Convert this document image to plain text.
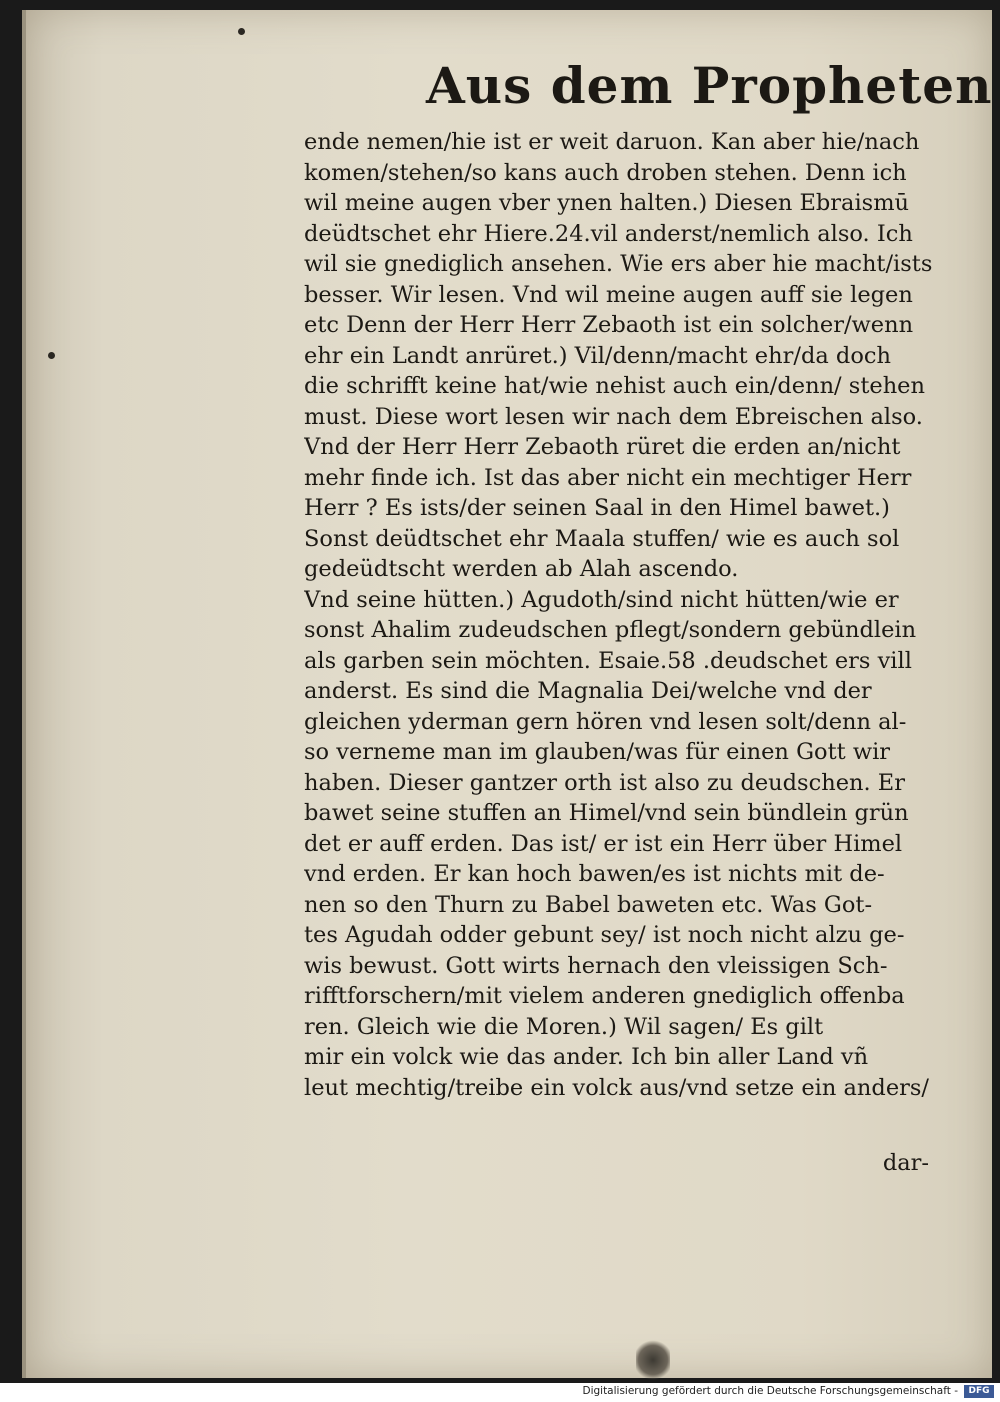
Aus dem Propheten
ende nemen/hie ist er weit daruon. Kan aber hie/nach
komen/stehen/so kans auch droben stehen. Denn ich
wil meine augen vber ynen halten.) Diesen Ebraismū
deüdtschet ehr Hiere.24.vil anderst/nemlich also. Ich
wil sie gnediglich ansehen. Wie ers aber hie macht/ists
besser. Wir lesen. Vnd wil meine augen auff sie legen
etc Denn der Herr Herr Zebaoth ist ein solcher/wenn
ehr ein Landt anrüret.) Vil/denn/macht ehr/da doch
die schrifft keine hat/wie nehist auch ein/denn/ stehen
must. Diese wort lesen wir nach dem Ebreischen also.
Vnd der Herr Herr Zebaoth rüret die erden an/nicht
mehr finde ich. Ist das aber nicht ein mechtiger Herr
Herr ? Es ists/der seinen Saal in den Himel bawet.)
Sonst deüdtschet ehr Maala stuffen/ wie es auch sol
gedeüdtscht werden ab Alah ascendo.
Vnd seine hütten.) Agudoth/sind nicht hütten/wie er
sonst Ahalim zudeudschen pflegt/sondern gebündlein
als garben sein möchten. Esaie.58 .deudschet ers vill
anderst. Es sind die Magnalia Dei/welche vnd der
gleichen yderman gern hören vnd lesen solt/denn al-
so verneme man im glauben/was für einen Gott wir
haben. Dieser gantzer orth ist also zu deudschen. Er
bawet seine stuffen an Himel/vnd sein bündlein grün
det er auff erden. Das ist/ er ist ein Herr über Himel
vnd erden. Er kan hoch bawen/es ist nichts mit de-
nen so den Thurn zu Babel baweten etc. Was Got-
tes Agudah odder gebunt sey/ ist noch nicht alzu ge-
wis bewust. Gott wirts hernach den vleissigen Sch-
rifftforschern/mit vielem anderen gnediglich offenba
ren. Gleich wie die Moren.) Wil sagen/ Es gilt
mir ein volck wie das ander. Ich bin aller Land vñ
leut mechtig/treibe ein volck aus/vnd setze ein anders/
dar-
Digitalisierung gefördert durch die Deutsche Forschungsgemeinschaft -	DFG
